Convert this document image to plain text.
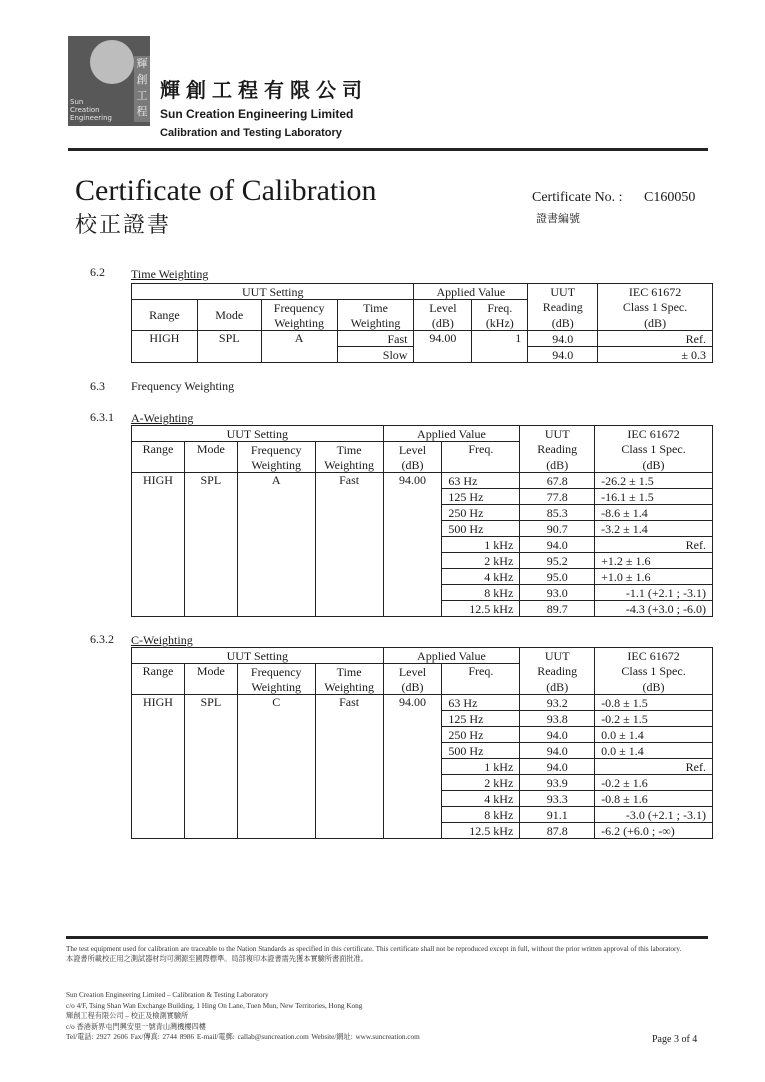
Sun
Creation
Engineering
輝
創
工
程
輝創工程有限公司
Sun Creation Engineering Limited
Calibration and Testing Laboratory
Certificate of Calibration
校正證書
Certificate No. : C160050
證書編號
6.2 Time Weighting
UUT Setting				Applied Value		UUT	IEC 61672
Range	Mode	Frequency	Time	Level	Freq.	Reading	Class 1 Spec.
		Weighting	Weighting	(dB)	(kHz)	(dB)	(dB)
HIGH	SPL	A	Fast	94.00	1	94.0	Ref.
			Slow			94.0	± 0.3
6.3 Frequency Weighting
6.3.1 A-Weighting
UUT Setting				Applied Value		UUT	IEC 61672
Range	Mode	Frequency	Time	Level	Freq.	Reading	Class 1 Spec.
		Weighting	Weighting	(dB)		(dB)	(dB)
HIGH	SPL	A	Fast	94.00	63 Hz	67.8	-26.2 ± 1.5
					125 Hz	77.8	-16.1 ± 1.5
					250 Hz	85.3	-8.6 ± 1.4
					500 Hz	90.7	-3.2 ± 1.4
					1 kHz	94.0	Ref.
					2 kHz	95.2	+1.2 ± 1.6
					4 kHz	95.0	+1.0 ± 1.6
					8 kHz	93.0	-1.1 (+2.1 ; -3.1)
					12.5 kHz	89.7	-4.3 (+3.0 ; -6.0)
6.3.2 C-Weighting
UUT Setting				Applied Value		UUT	IEC 61672
Range	Mode	Frequency	Time	Level	Freq.	Reading	Class 1 Spec.
		Weighting	Weighting	(dB)		(dB)	(dB)
HIGH	SPL	C	Fast	94.00	63 Hz	93.2	-0.8 ± 1.5
					125 Hz	93.8	-0.2 ± 1.5
					250 Hz	94.0	0.0 ± 1.4
					500 Hz	94.0	0.0 ± 1.4
					1 kHz	94.0	Ref.
					2 kHz	93.9	-0.2 ± 1.6
					4 kHz	93.3	-0.8 ± 1.6
					8 kHz	91.1	-3.0 (+2.1 ; -3.1)
					12.5 kHz	87.8	-6.2 (+6.0 ; -∞)
The test equipment used for calibration are traceable to the Nation Standards as specified in this certificate. This certificate shall not be reproduced except in full, without the prior written approval of this laboratory.
本證書所載校正用之測試器材均可溯源至國際標準。局部複印本證書需先獲本實驗所書面批准。
Sun Creation Engineering Limited – Calibration & Testing Laboratory
c/o 4/F, Tsing Shan Wan Exchange Building, 1 Hing On Lane, Tuen Mun, New Territories, Hong Kong
輝創工程有限公司 – 校正及檢測實驗所
c/o 香港新界屯門興安里一號青山灣機樓四樓
Tel/電話: 2927 2606 Fax/傳真: 2744 8986 E-mail/電郵: callab@suncreation.com Website/網址: www.suncreation.com	Page 3 of 4
